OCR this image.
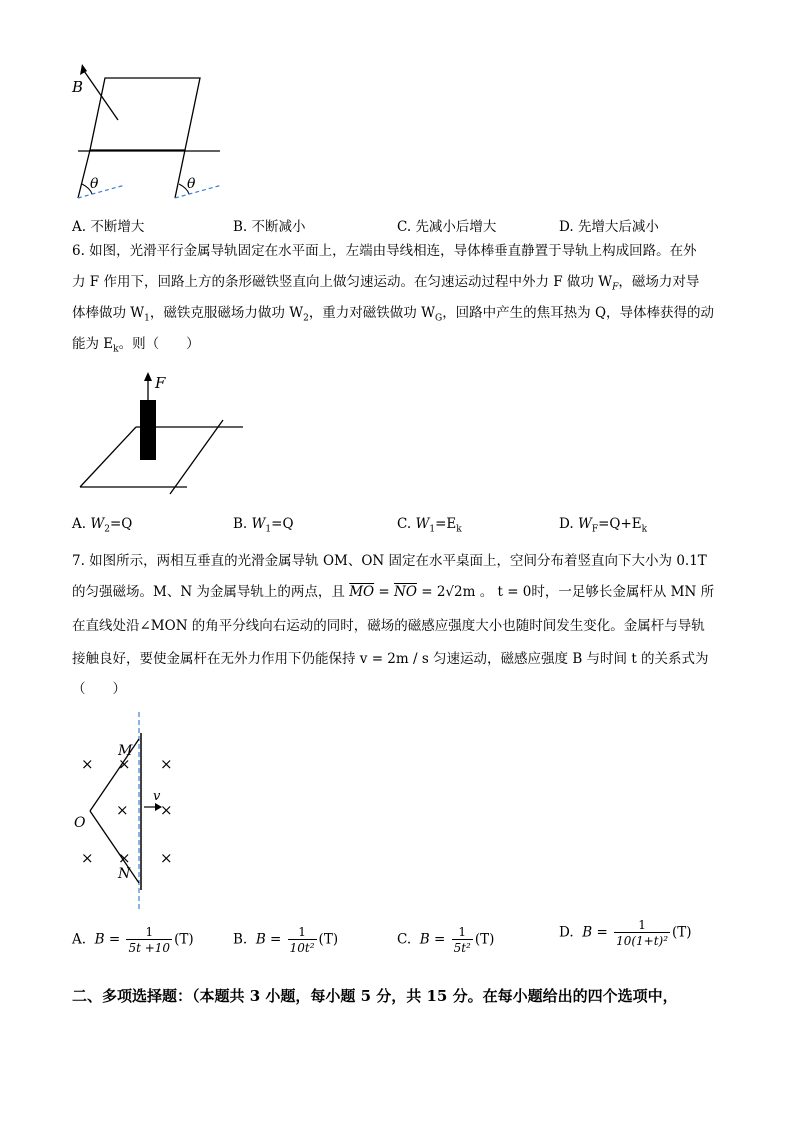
B
θ	θ
A. 不断增大	B. 不断减小	C. 先减小后增大	D. 先增大后减小
6. 如图，光滑平行金属导轨固定在水平面上，左端由导线相连，导体棒垂直静置于导轨上构成回路。在外
力 F 作用下，回路上方的条形磁铁竖直向上做匀速运动。在匀速运动过程中外力 F 做功 $W_F$，磁场力对导
体棒做功 $W_1$，磁铁克服磁场力做功 $W_2$，重力对磁铁做功 $W_G$，回路中产生的焦耳热为 Q，导体棒获得的动
能为 $E_k$。则（　　）
F
A. $W_2=Q$	B. $W_1=Q$	C. $W_1=E_k$	D. $W_F=Q+E_k$
7. 如图所示，两相互垂直的光滑金属导轨 OM、ON 固定在水平桌面上，空间分布着竖直向下大小为 0.1T
的匀强磁场。M、N 为金属导轨上的两点，且 $\overline{MO} = \overline{NO} = 2√2m$ 。 t = 0时，一足够长金属杆从 MN 所
在直线处沿∠MON 的角平分线向右运动的同时，磁场的磁感应强度大小也随时间发生变化。金属杆与导轨
接触良好，要使金属杆在无外力作用下仍能保持 v = 2m / s 匀速运动，磁感应强度 B 与时间 t 的关系式为
（　　）
× × ×
× ×
× × ×
M
N
O
v
A. $B = \frac{1}{5t +10} (T)$	B. $B = \frac{1}{\text{10t²}} (T)$	C. $B = \frac{1}{\text{5t²}} (T)$	D. $B = \frac{1}{\text{10(1+t)²}} (T)$
二、多项选择题：（本题共 3 小题，每小题 5 分，共 15 分。在每小题给出的四个选项中，
